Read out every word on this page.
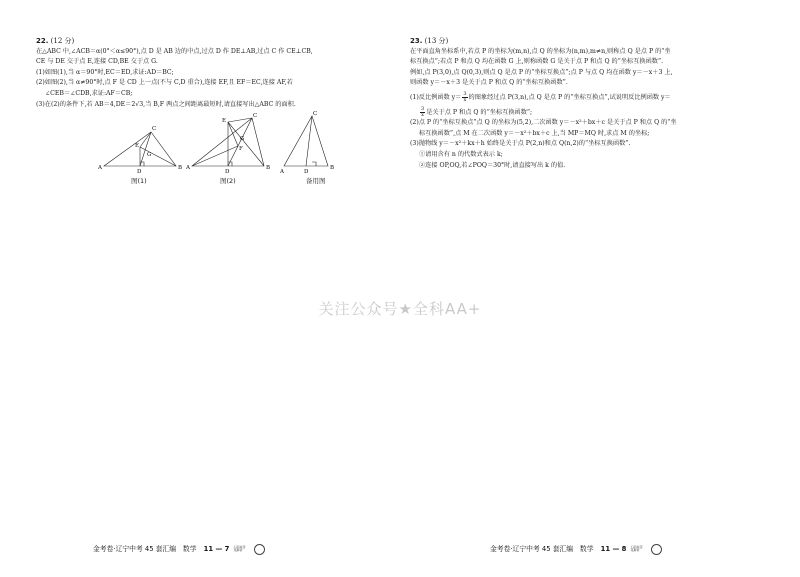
22. (12 分)
在△ABC 中,∠ACB＝α(0°＜α≤90°),点 D 是 AB 边的中点,过点 D 作 DE⊥AB,过点 C 作 CE⊥CB,
CE 与 DE 交于点 E,连接 CD,BE 交于点 G.
(1)如图(1),当 α＝90°时,EC＝ED,求证:AD＝BC;
(2)如图(2),当 α≠90°时,点 F 是 CD 上一点(不与 C,D 重合),连接 EF,且 EF＝EC,连接 AF,若
∠CEB＝∠CDB,求证:AF＝CB;
(3)在(2)的条件下,若 AB＝4,DE＝2√3,当 B,F 两点之间距离最短时,请直接写出△ABC 的面积.
A	B
C
D
E
G
A	B
C
D
E
F
G
A
B
C
D
图(1)	图(2)	备用图
23. (13 分)
在平面直角坐标系中,若点 P 的坐标为(m,n),点 Q 的坐标为(n,m),m≠n,则称点 Q 是点 P 的“坐
标互换点”;若点 P 和点 Q 均在函数 G 上,则称函数 G 是关于点 P 和点 Q 的“坐标互换函数”.
例如,点 P(3,0),点 Q(0,3),则点 Q 是点 P 的“坐标互换点”;点 P 与点 Q 均在函数 y＝－x＋3 上,
则函数 y＝－x＋3 是关于点 P 和点 Q 的“坐标互换函数”.
(1)反比例函数 $y= \frac{3}{x}$ 的图象经过点 P(3,n),点 Q 是点 P 的“坐标互换点”,试说明反比例函数 y＝
$\frac{3}{x}$ 是关于点 P 和点 Q 的“坐标互换函数”;
(2)点 P 的“坐标互换点”点 Q 的坐标为(5,2),二次函数 y＝－x²＋bx＋c 是关于点 P 和点 Q 的“坐
标互换函数”,点 M 在二次函数 y＝－x²＋bx＋c 上,当 MP＝MQ 时,求点 M 的坐标;
(3)抛物线 y＝－x²＋kx＋h 始终是关于点 P(2,n)和点 Q(n,2)的“坐标互换函数”.
①请用含有 n 的代数式表示 k;
②连接 OP,OQ,若∠POQ＝30°时,请直接写出 k 的值.
关注公众号★全科AA+
金考卷·辽宁中考 45 套汇编　数学 11 — 7 扫码看答案解析	金考卷·辽宁中考 45 套汇编　数学 11 — 8 扫码看答案解析
